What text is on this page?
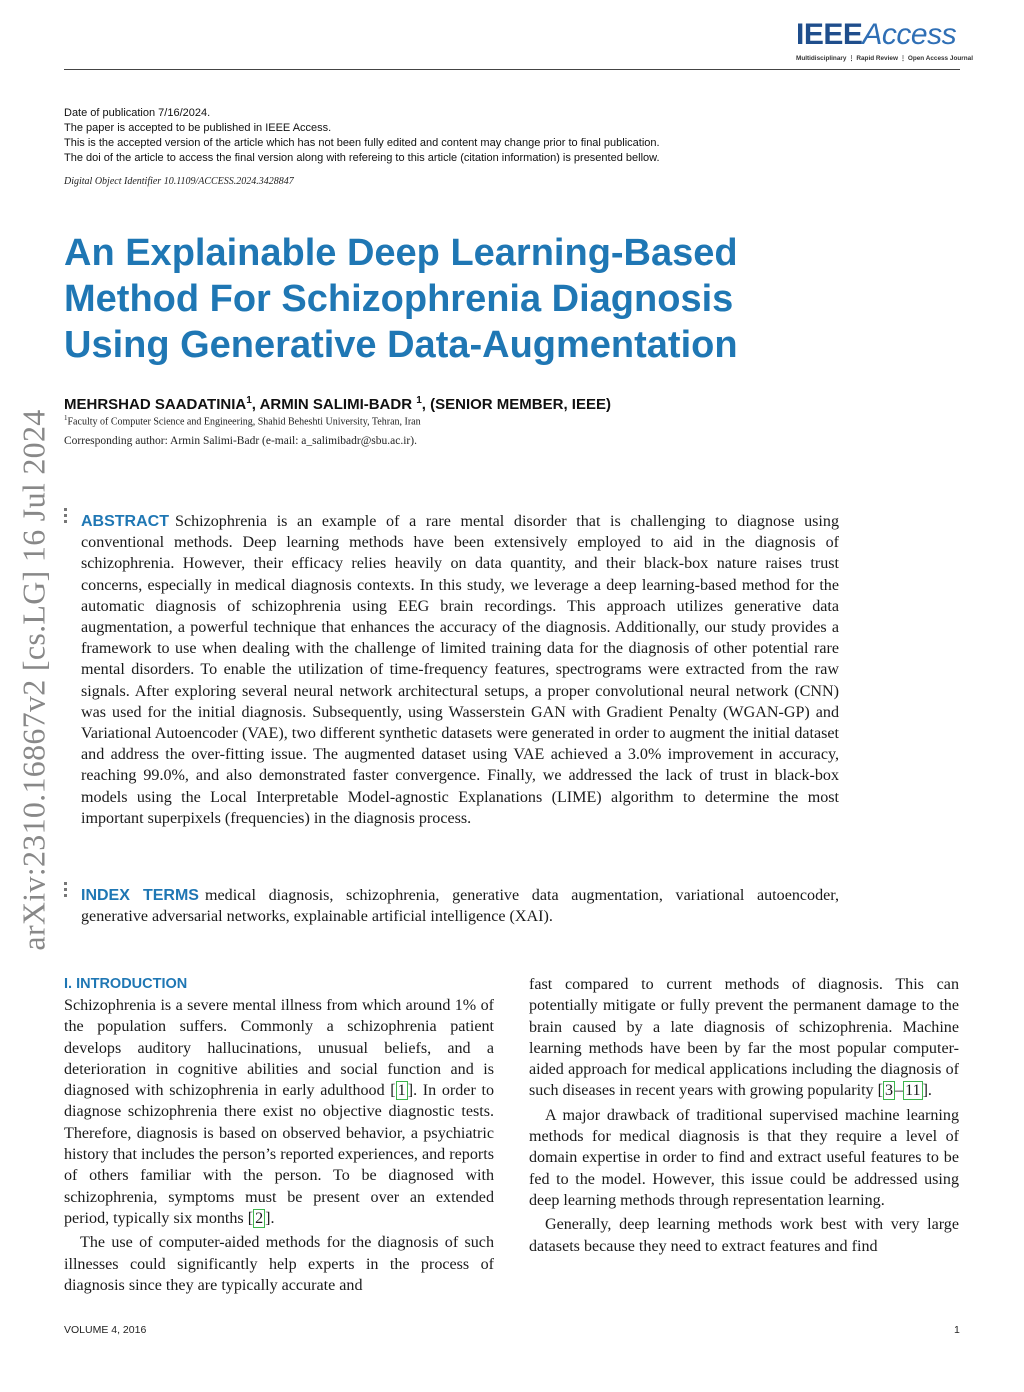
IEEEAccess
Multidisciplinary ⋮ Rapid Review ⋮ Open Access Journal
Date of publication 7/16/2024.
The paper is accepted to be published in IEEE Access.
This is the accepted version of the article which has not been fully edited and content may change prior to final publication.
The doi of the article to access the final version along with refereing to this article (citation information) is presented bellow.
Digital Object Identifier 10.1109/ACCESS.2024.3428847
An Explainable Deep Learning-Based
Method For Schizophrenia Diagnosis
Using Generative Data-Augmentation
MEHRSHAD SAADATINIA$^1$, ARMIN SALIMI-BADR $^1$, (SENIOR MEMBER, IEEE)
$^1$Faculty of Computer Science and Engineering, Shahid Beheshti University, Tehran, Iran
Corresponding author: Armin Salimi-Badr (e-mail: a_salimibadr@sbu.ac.ir).
arXiv:2310.16867v2 [cs.LG] 16 Jul 2024 ABSTRACT Schizophrenia is an example of a rare mental disorder that is challenging to diagnose using conventional methods. Deep learning methods have been extensively employed to aid in the diagnosis of schizophrenia. However, their efficacy relies heavily on data quantity, and their black-box nature raises trust concerns, especially in medical diagnosis contexts. In this study, we leverage a deep learning-based method for the automatic diagnosis of schizophrenia using EEG brain recordings. This approach utilizes generative data augmentation, a powerful technique that enhances the accuracy of the diagnosis. Additionally, our study provides a framework to use when dealing with the challenge of limited training data for the diagnosis of other potential rare mental disorders. To enable the utilization of time-frequency features, spectrograms were extracted from the raw signals. After exploring several neural network architectural setups, a proper convolutional neural network (CNN) was used for the initial diagnosis. Subsequently, using Wasserstein GAN with Gradient Penalty (WGAN-GP) and Variational Autoencoder (VAE), two different synthetic datasets were generated in order to augment the initial dataset and address the over-fitting issue. The augmented dataset using VAE achieved a 3.0% improvement in accuracy, reaching 99.0%, and also demonstrated faster convergence. Finally, we addressed the lack of trust in black-box models using the Local Interpretable Model-agnostic Explanations (LIME) algorithm to determine the most important superpixels (frequencies) in the diagnosis process.
INDEX TERMS medical diagnosis, schizophrenia, generative data augmentation, variational autoencoder, generative adversarial networks, explainable artificial intelligence (XAI).
I. INTRODUCTION

Schizophrenia is a severe mental illness from which around 1% of the population suffers. Commonly a schizophrenia patient develops auditory hallucinations, unusual beliefs, and a deterioration in cognitive abilities and social function and is diagnosed with schizophrenia in early adulthood [ 1 ]. In order to diagnose schizophrenia there exist no objective diagnostic tests. Therefore, diagnosis is based on observed behavior, a psychiatric history that includes the person’s reported experiences, and reports of others familiar with the person. To be diagnosed with schizophrenia, symptoms must be present over an extended period, typically six months [ 2 ].

The use of computer-aided methods for the diagnosis of such illnesses could significantly help experts in the process of diagnosis since they are typically accurate and

fast compared to current methods of diagnosis. This can potentially mitigate or fully prevent the permanent damage to the brain caused by a late diagnosis of schizophrenia. Machine learning methods have been by far the most popular computer-aided approach for medical applications including the diagnosis of such diseases in recent years with growing popularity [ 3 – 11 ].

A major drawback of traditional supervised machine learning methods for medical diagnosis is that they require a level of domain expertise in order to find and extract useful features to be fed to the model. However, this issue could be addressed using deep learning methods through representation learning.

Generally, deep learning methods work best with very large datasets because they need to extract features and find

VOLUME 4, 2016	1
